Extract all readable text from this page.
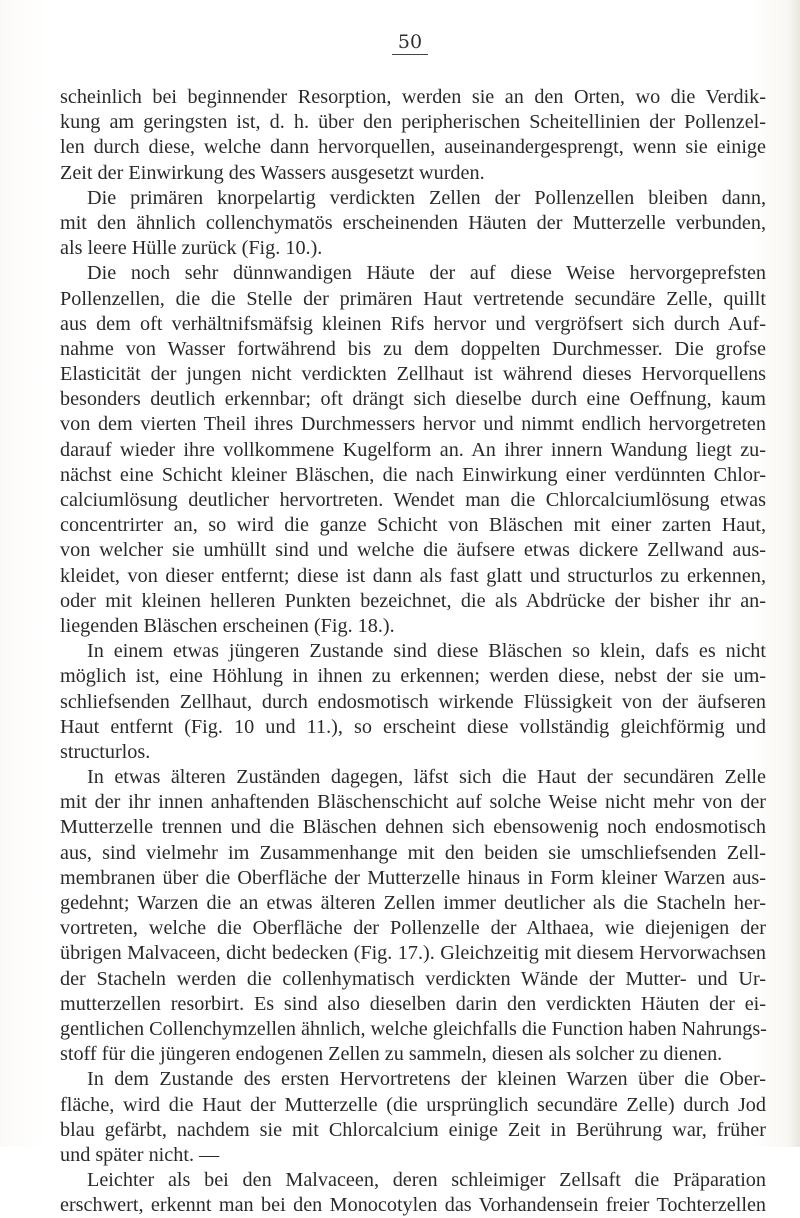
50
scheinlich bei beginnender Resorption, werden sie an den Orten, wo die Verdik-
kung am geringsten ist, d. h. über den peripherischen Scheitellinien der Pollenzel-
len durch diese, welche dann hervorquellen, auseinandergesprengt, wenn sie einige
Zeit der Einwirkung des Wassers ausgesetzt wurden.
Die primären knorpelartig verdickten Zellen der Pollenzellen bleiben dann,
mit den ähnlich collenchymatös erscheinenden Häuten der Mutterzelle verbunden,
als leere Hülle zurück (Fig. 10.).
Die noch sehr dünnwandigen Häute der auf diese Weise hervorgeprefsten
Pollenzellen, die die Stelle der primären Haut vertretende secundäre Zelle, quillt
aus dem oft verhältnifsmäfsig kleinen Rifs hervor und vergröfsert sich durch Auf-
nahme von Wasser fortwährend bis zu dem doppelten Durchmesser. Die grofse
Elasticität der jungen nicht verdickten Zellhaut ist während dieses Hervorquellens
besonders deutlich erkennbar; oft drängt sich dieselbe durch eine Oeffnung, kaum
von dem vierten Theil ihres Durchmessers hervor und nimmt endlich hervorgetreten
darauf wieder ihre vollkommene Kugelform an. An ihrer innern Wandung liegt zu-
nächst eine Schicht kleiner Bläschen, die nach Einwirkung einer verdünnten Chlor-
calciumlösung deutlicher hervortreten. Wendet man die Chlorcalciumlösung etwas
concentrirter an, so wird die ganze Schicht von Bläschen mit einer zarten Haut,
von welcher sie umhüllt sind und welche die äufsere etwas dickere Zellwand aus-
kleidet, von dieser entfernt; diese ist dann als fast glatt und structurlos zu erkennen,
oder mit kleinen helleren Punkten bezeichnet, die als Abdrücke der bisher ihr an-
liegenden Bläschen erscheinen (Fig. 18.).
In einem etwas jüngeren Zustande sind diese Bläschen so klein, dafs es nicht
möglich ist, eine Höhlung in ihnen zu erkennen; werden diese, nebst der sie um-
schliefsenden Zellhaut, durch endosmotisch wirkende Flüssigkeit von der äufseren
Haut entfernt (Fig. 10 und 11.), so erscheint diese vollständig gleichförmig und
structurlos.
In etwas älteren Zuständen dagegen, läfst sich die Haut der secundären Zelle
mit der ihr innen anhaftenden Bläschenschicht auf solche Weise nicht mehr von der
Mutterzelle trennen und die Bläschen dehnen sich ebensowenig noch endosmotisch
aus, sind vielmehr im Zusammenhange mit den beiden sie umschliefsenden Zell-
membranen über die Oberfläche der Mutterzelle hinaus in Form kleiner Warzen aus-
gedehnt; Warzen die an etwas älteren Zellen immer deutlicher als die Stacheln her-
vortreten, welche die Oberfläche der Pollenzelle der Althaea, wie diejenigen der
übrigen Malvaceen, dicht bedecken (Fig. 17.). Gleichzeitig mit diesem Hervorwachsen
der Stacheln werden die collenhymatisch verdickten Wände der Mutter- und Ur-
mutterzellen resorbirt. Es sind also dieselben darin den verdickten Häuten der ei-
gentlichen Collenchymzellen ähnlich, welche gleichfalls die Function haben Nahrungs-
stoff für die jüngeren endogenen Zellen zu sammeln, diesen als solcher zu dienen.
In dem Zustande des ersten Hervortretens der kleinen Warzen über die Ober-
fläche, wird die Haut der Mutterzelle (die ursprünglich secundäre Zelle) durch Jod
blau gefärbt, nachdem sie mit Chlorcalcium einige Zeit in Berührung war, früher
und später nicht. —
Leichter als bei den Malvaceen, deren schleimiger Zellsaft die Präparation
erschwert, erkennt man bei den Monocotylen das Vorhandensein freier Tochterzellen
